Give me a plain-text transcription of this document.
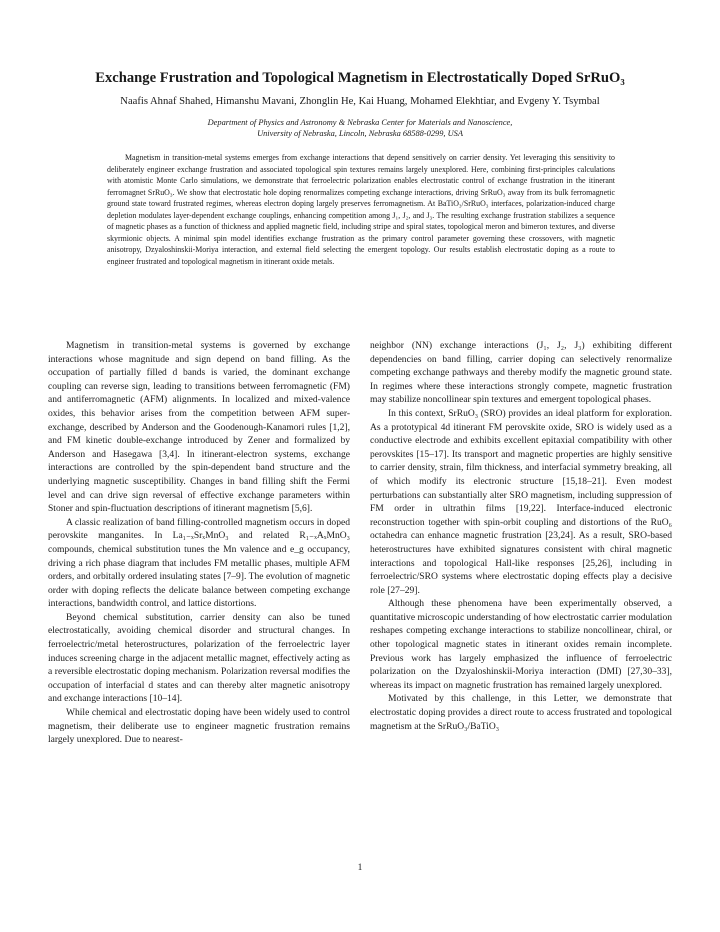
Exchange Frustration and Topological Magnetism in Electrostatically Doped SrRuO₃
Naafis Ahnaf Shahed, Himanshu Mavani, Zhonglin He, Kai Huang, Mohamed Elekhtiar, and Evgeny Y. Tsymbal
Department of Physics and Astronomy & Nebraska Center for Materials and Nanoscience,
University of Nebraska, Lincoln, Nebraska 68588-0299, USA
Magnetism in transition-metal systems emerges from exchange interactions that depend sensitively on carrier density. Yet leveraging this sensitivity to deliberately engineer exchange frustration and associated topological spin textures remains largely unexplored. Here, combining first-principles calculations with atomistic Monte Carlo simulations, we demonstrate that ferroelectric polarization enables electrostatic control of exchange frustration in the itinerant ferromagnet SrRuO₃. We show that electrostatic hole doping renormalizes competing exchange interactions, driving SrRuO₃ away from its bulk ferromagnetic ground state toward frustrated regimes, whereas electron doping largely preserves ferromagnetism. At BaTiO₃/SrRuO₃ interfaces, polarization-induced charge depletion modulates layer-dependent exchange couplings, enhancing competition among J₁, J₂, and J₃. The resulting exchange frustration stabilizes a sequence of magnetic phases as a function of thickness and applied magnetic field, including stripe and spiral states, topological meron and bimeron textures, and diverse skyrmionic objects. A minimal spin model identifies exchange frustration as the primary control parameter governing these crossovers, with magnetic anisotropy, Dzyaloshinskii-Moriya interaction, and external field selecting the emergent topology. Our results establish electrostatic doping as a route to engineer frustrated and topological magnetism in itinerant oxide metals.

Magnetism in transition-metal systems is governed by exchange interactions whose magnitude and sign depend on band filling. As the occupation of partially filled d bands is varied, the dominant exchange coupling can reverse sign, leading to transitions between ferromagnetic (FM) and antiferromagnetic (AFM) alignments. In localized and mixed-valence oxides, this behavior arises from the competition between AFM super-exchange, described by Anderson and the Goodenough-Kanamori rules [1,2], and FM kinetic double-exchange introduced by Zener and formalized by Anderson and Hasegawa [3,4]. In itinerant-electron systems, exchange interactions are controlled by the spin-dependent band structure and the underlying magnetic susceptibility. Changes in band filling shift the Fermi level and can drive sign reversal of effective exchange parameters within Stoner and spin-fluctuation descriptions of itinerant magnetism [5,6].

A classic realization of band filling-controlled magnetism occurs in doped perovskite manganites. In La₁₋ₓSrₓMnO₃ and related R₁₋ₓAₓMnO₃ compounds, chemical substitution tunes the Mn valence and e_g occupancy, driving a rich phase diagram that includes FM metallic phases, multiple AFM orders, and orbitally ordered insulating states [7–9]. The evolution of magnetic order with doping reflects the delicate balance between competing exchange interactions, bandwidth control, and lattice distortions.

Beyond chemical substitution, carrier density can also be tuned electrostatically, avoiding chemical disorder and structural changes. In ferroelectric/metal heterostructures, polarization of the ferroelectric layer induces screening charge in the adjacent metallic magnet, effectively acting as a reversible electrostatic doping mechanism. Polarization reversal modifies the occupation of interfacial d states and can thereby alter magnetic anisotropy and exchange interactions [10–14].

While chemical and electrostatic doping have been widely used to control magnetism, their deliberate use to engineer magnetic frustration remains largely unexplored. Due to nearest-

neighbor (NN) exchange interactions (J₁, J₂, J₃) exhibiting different dependencies on band filling, carrier doping can selectively renormalize competing exchange pathways and thereby modify the magnetic ground state. In regimes where these interactions strongly compete, magnetic frustration may stabilize noncollinear spin textures and emergent topological phases.

In this context, SrRuO₃ (SRO) provides an ideal platform for exploration. As a prototypical 4d itinerant FM perovskite oxide, SRO is widely used as a conductive electrode and exhibits excellent epitaxial compatibility with other perovskites [15–17]. Its transport and magnetic properties are highly sensitive to carrier density, strain, film thickness, and interfacial symmetry breaking, all of which modify its electronic structure [15,18–21]. Even modest perturbations can substantially alter SRO magnetism, including suppression of FM order in ultrathin films [19,22]. Interface-induced electronic reconstruction together with spin-orbit coupling and distortions of the RuO₆ octahedra can enhance magnetic frustration [23,24]. As a result, SRO-based heterostructures have exhibited signatures consistent with chiral magnetic interactions and topological Hall-like responses [25,26], including in ferroelectric/SRO systems where electrostatic doping effects play a decisive role [27–29].

Although these phenomena have been experimentally observed, a quantitative microscopic understanding of how electrostatic carrier modulation reshapes competing exchange interactions to stabilize noncollinear, chiral, or other topological magnetic states in itinerant oxides remain incomplete. Previous work has largely emphasized the influence of ferroelectric polarization on the Dzyaloshinskii-Moriya interaction (DMI) [27,30–33], whereas its impact on magnetic frustration has remained largely unexplored.

Motivated by this challenge, in this Letter, we demonstrate that electrostatic doping provides a direct route to access frustrated and topological magnetism at the SrRuO₃/BaTiO₃

1
